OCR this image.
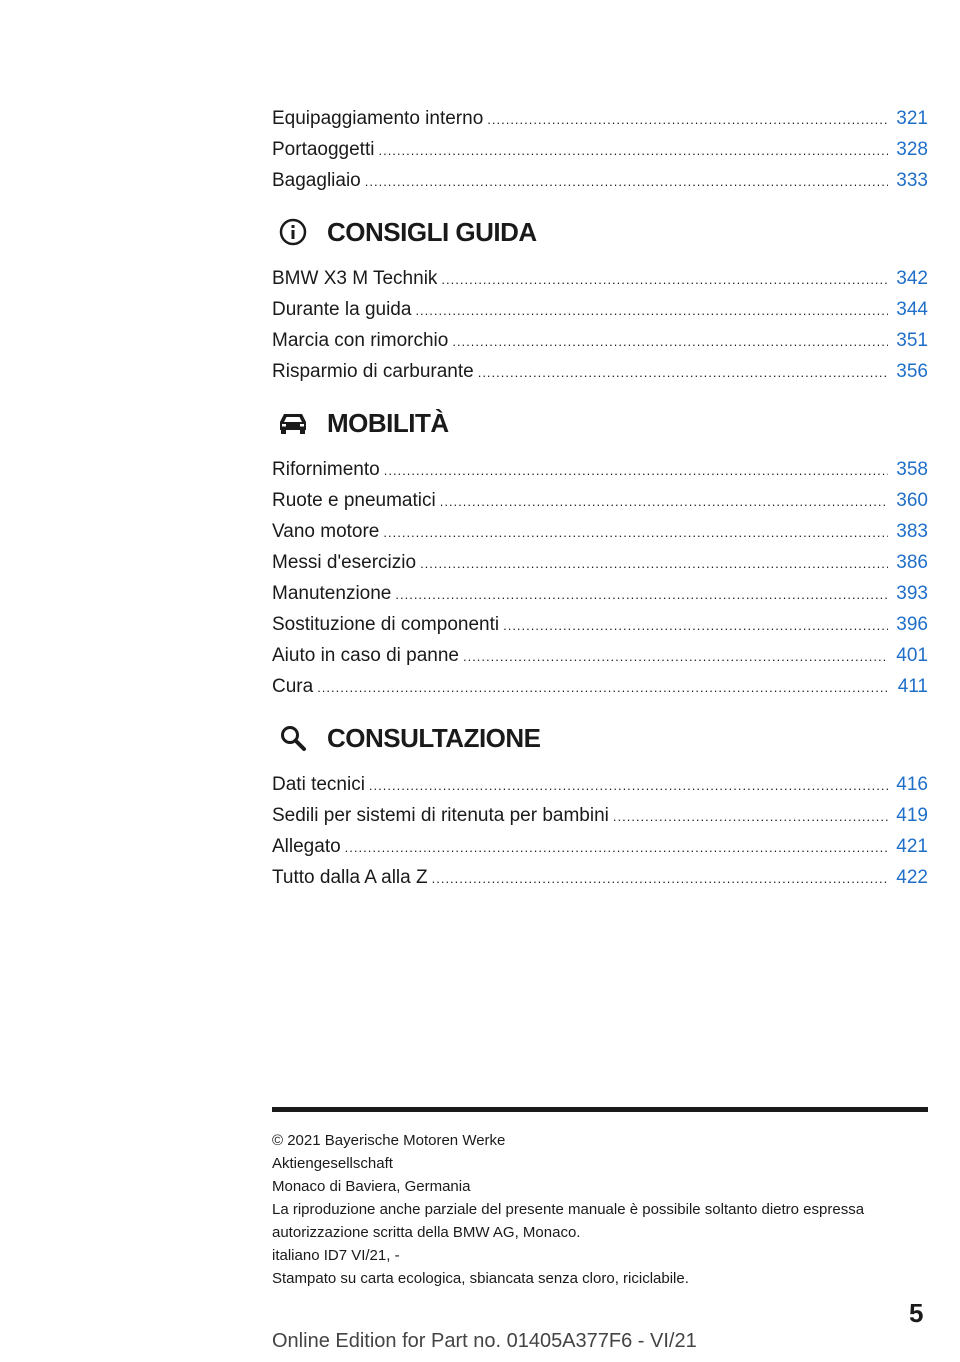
Equipaggiamento interno .....	321
Portaoggetti .....	328
Bagagliaio .....	333
CONSIGLI GUIDA
BMW X3 M Technik .....	342
Durante la guida .....	344
Marcia con rimorchio .....	351
Risparmio di carburante .....	356
MOBILITÀ
Rifornimento .....	358
Ruote e pneumatici .....	360
Vano motore .....	383
Messi d'esercizio .....	386
Manutenzione .....	393
Sostituzione di componenti .....	396
Aiuto in caso di panne .....	401
Cura .....	411
CONSULTAZIONE
Dati tecnici .....	416
Sedili per sistemi di ritenuta per bambini .....	419
Allegato .....	421
Tutto dalla A alla Z .....	422
© 2021 Bayerische Motoren Werke
Aktiengesellschaft
Monaco di Baviera, Germania
La riproduzione anche parziale del presente manuale è possibile soltanto dietro espressa
autorizzazione scritta della BMW AG, Monaco.
italiano ID7 VI/21, -
Stampato su carta ecologica, sbiancata senza cloro, riciclabile.
5
Online Edition for Part no. 01405A377F6 - VI/21
